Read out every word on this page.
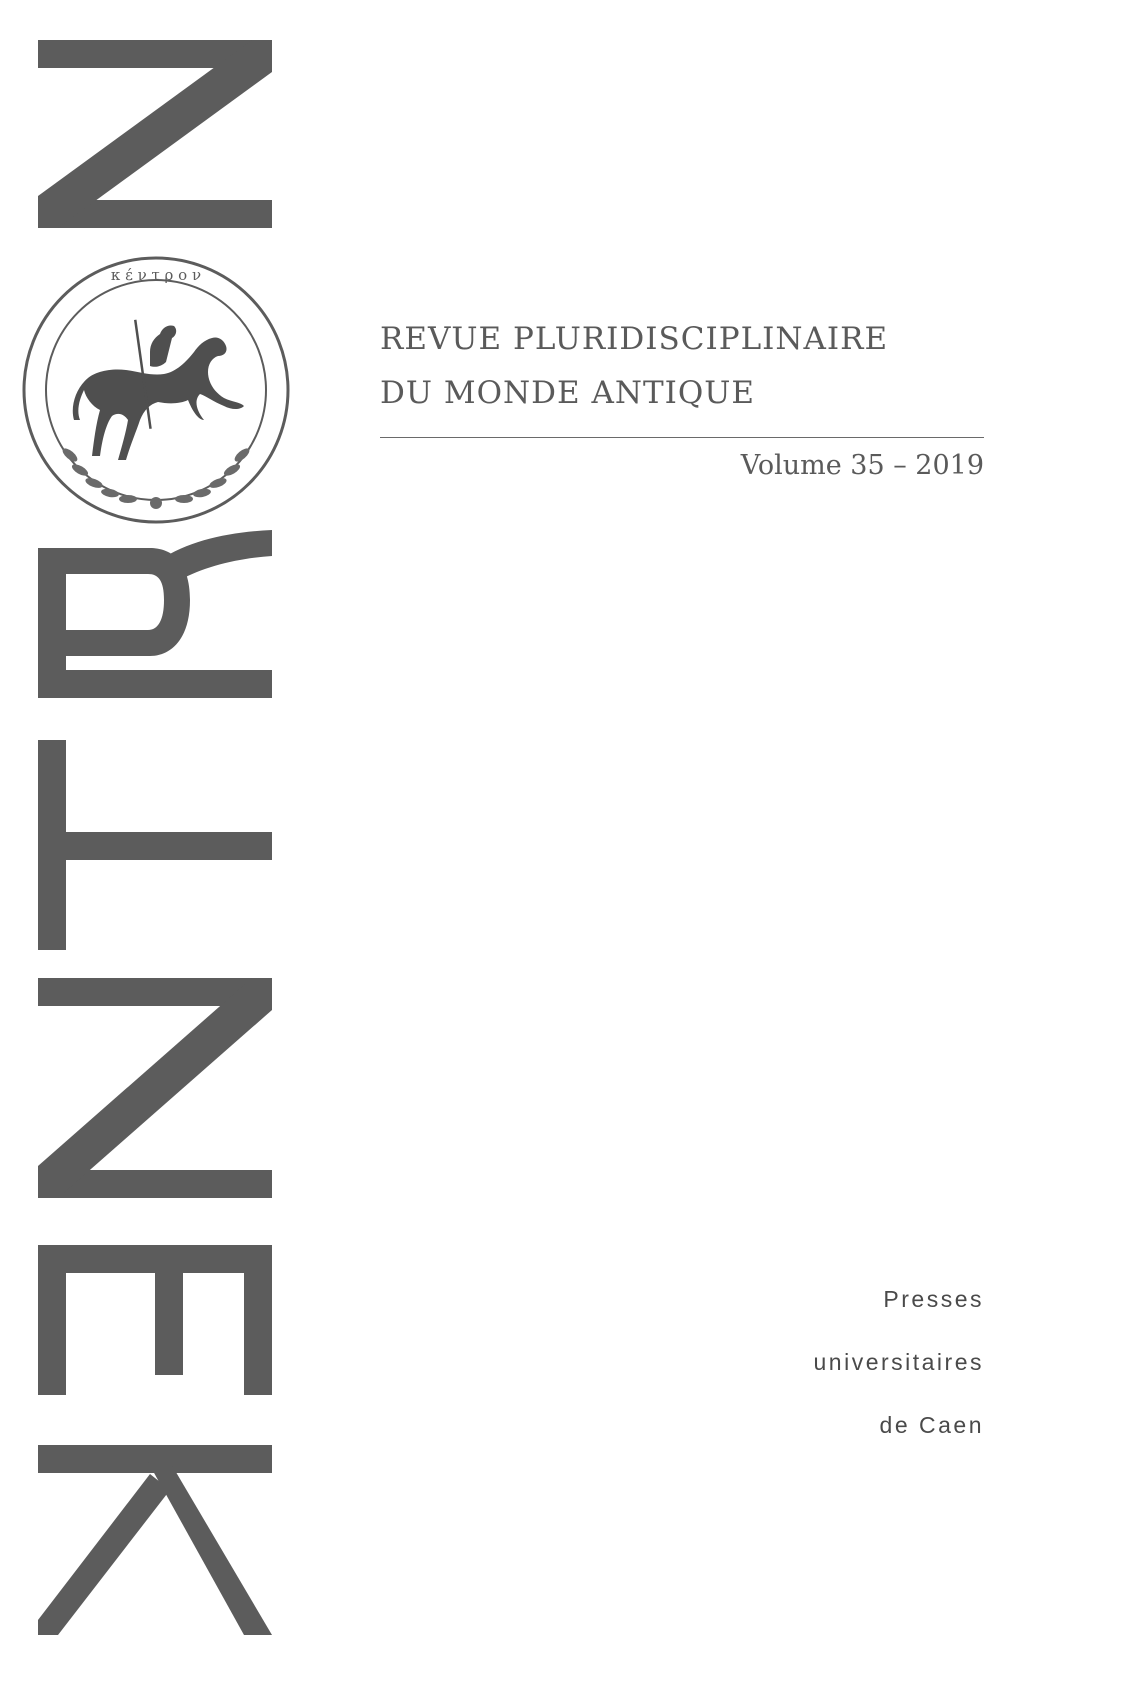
κ έ ν τ ρ ο ν
REVUE PLURIDISCIPLINAIRE
DU MONDE ANTIQUE
Volume 35 – 2019
Presses
universitaires
de Caen
